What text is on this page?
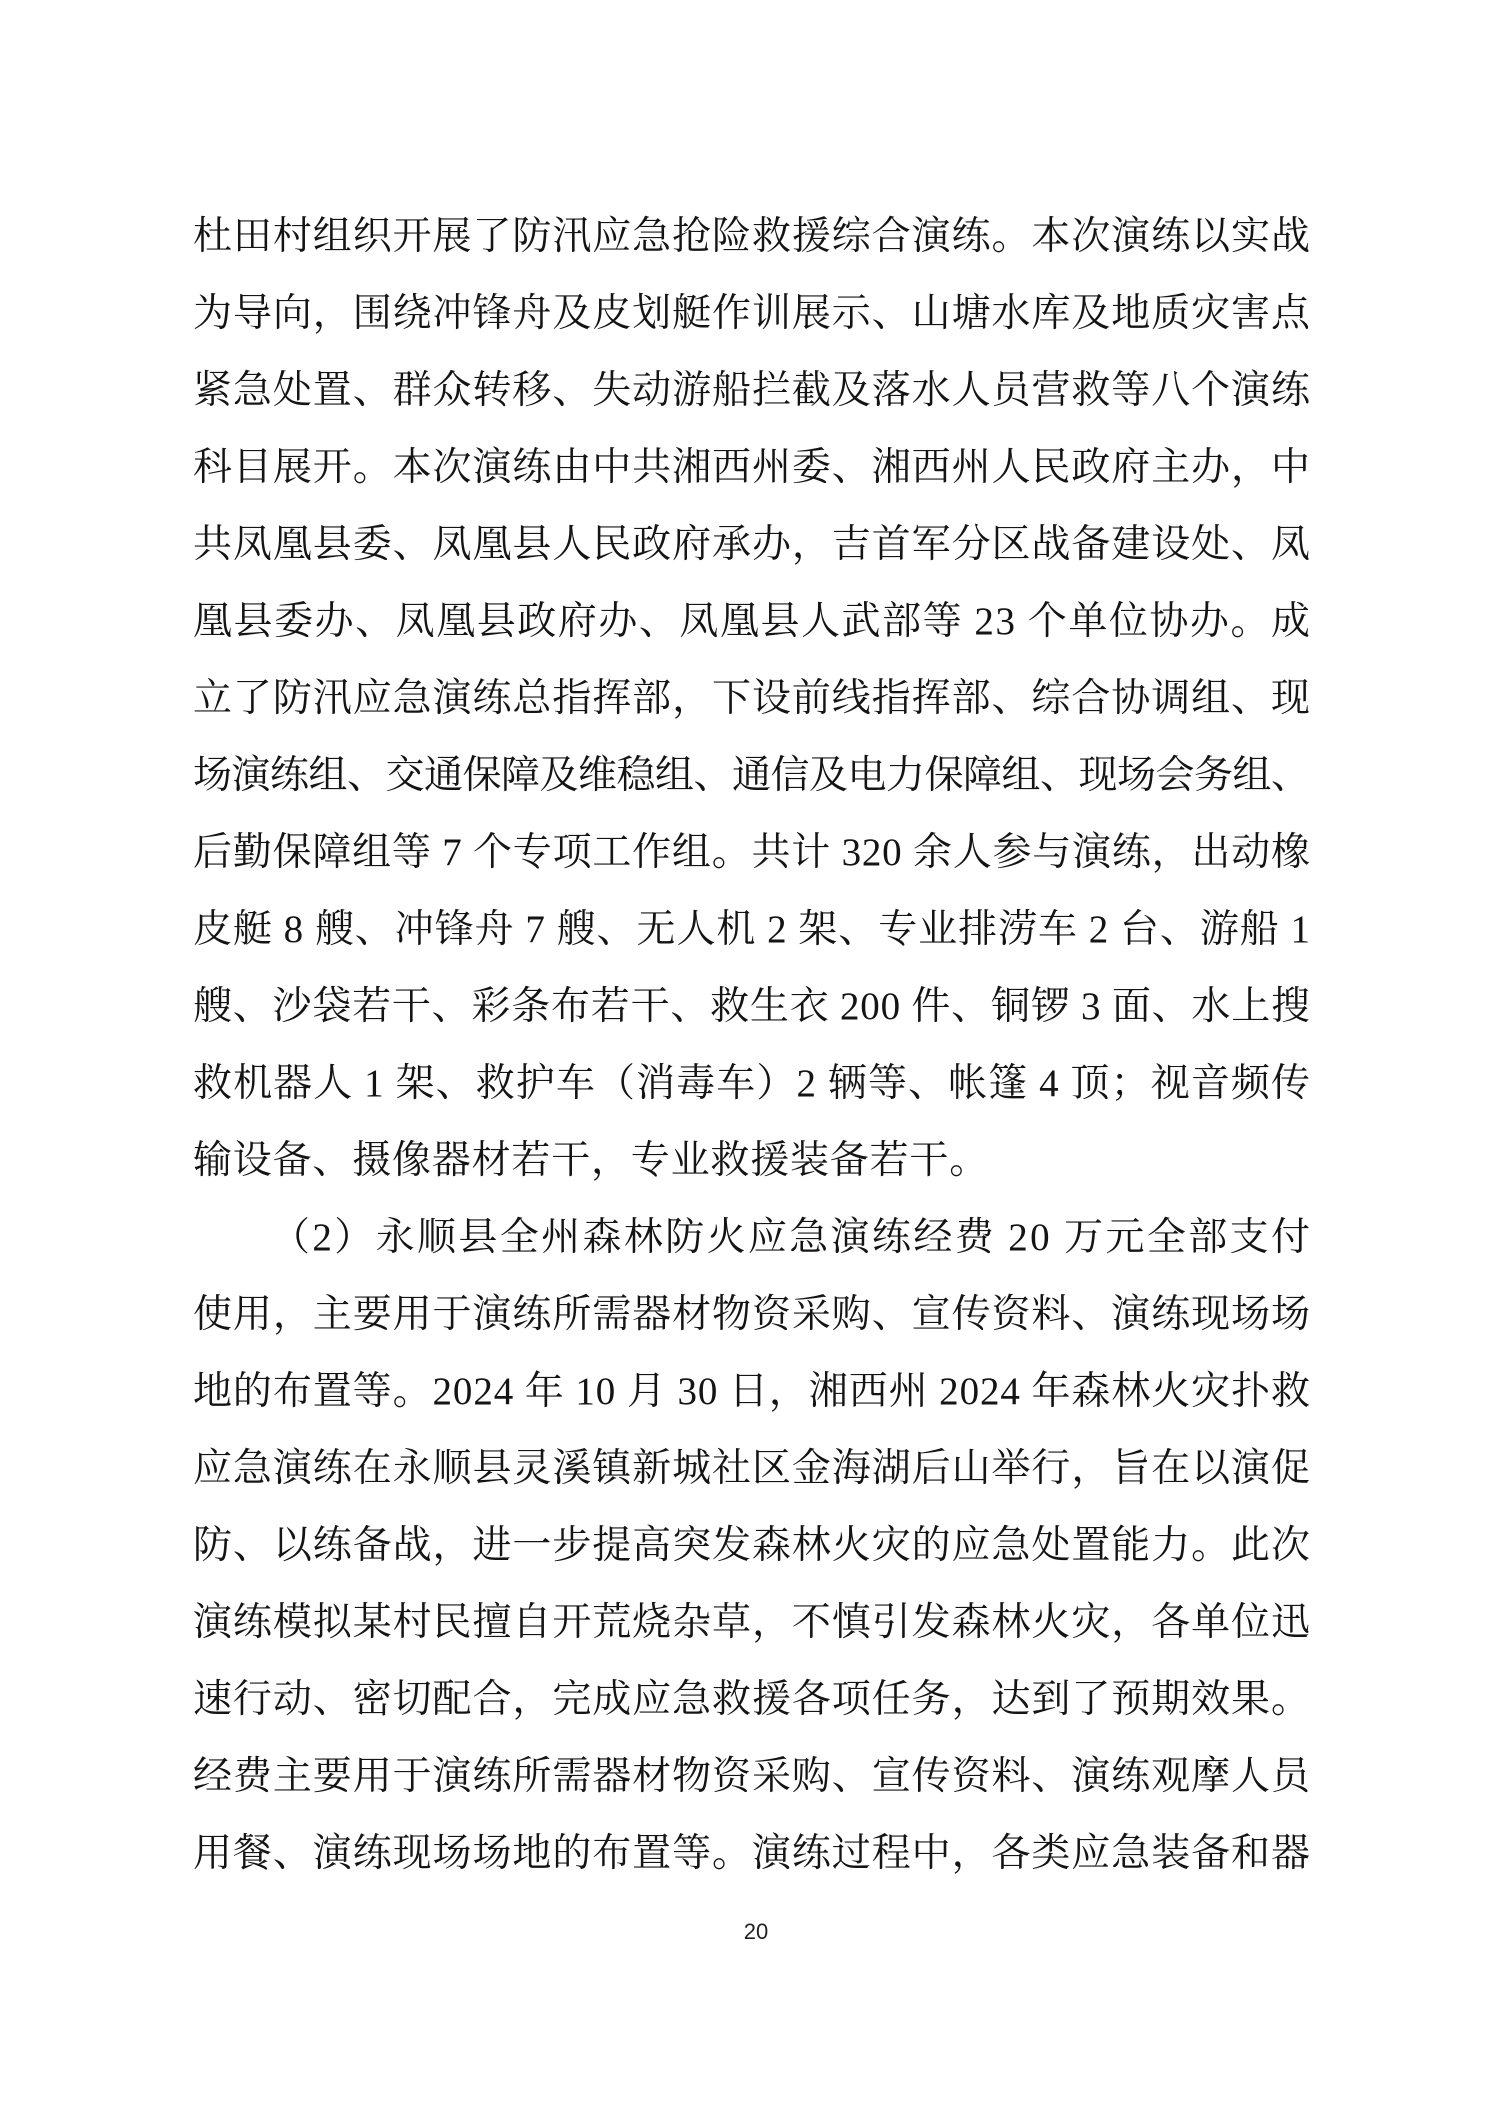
杜田村组织开展了防汛应急抢险救援综合演练。本次演练以实战
为导向，围绕冲锋舟及皮划艇作训展示、山塘水库及地质灾害点
紧急处置、群众转移、失动游船拦截及落水人员营救等八个演练
科目展开。本次演练由中共湘西州委、湘西州人民政府主办，中
共凤凰县委、凤凰县人民政府承办，吉首军分区战备建设处、凤
凰县委办、凤凰县政府办、凤凰县人武部等 23 个单位协办。成
立了防汛应急演练总指挥部，下设前线指挥部、综合协调组、现
场演练组、交通保障及维稳组、通信及电力保障组、现场会务组、
后勤保障组等 7 个专项工作组。共计 320 余人参与演练，出动橡
皮艇 8 艘、冲锋舟 7 艘、无人机 2 架、专业排涝车 2 台、游船 1
艘、沙袋若干、彩条布若干、救生衣 200 件、铜锣 3 面、水上搜
救机器人 1 架、救护车（消毒车）2 辆等、帐篷 4 顶；视音频传
输设备、摄像器材若干，专业救援装备若干。
（2）永顺县全州森林防火应急演练经费 20 万元全部支付
使用，主要用于演练所需器材物资采购、宣传资料、演练现场场
地的布置等。2024 年 10 月 30 日，湘西州 2024 年森林火灾扑救
应急演练在永顺县灵溪镇新城社区金海湖后山举行，旨在以演促
防、以练备战，进一步提高突发森林火灾的应急处置能力。此次
演练模拟某村民擅自开荒烧杂草，不慎引发森林火灾，各单位迅
速行动、密切配合，完成应急救援各项任务，达到了预期效果。
经费主要用于演练所需器材物资采购、宣传资料、演练观摩人员
用餐、演练现场场地的布置等。演练过程中，各类应急装备和器
20
